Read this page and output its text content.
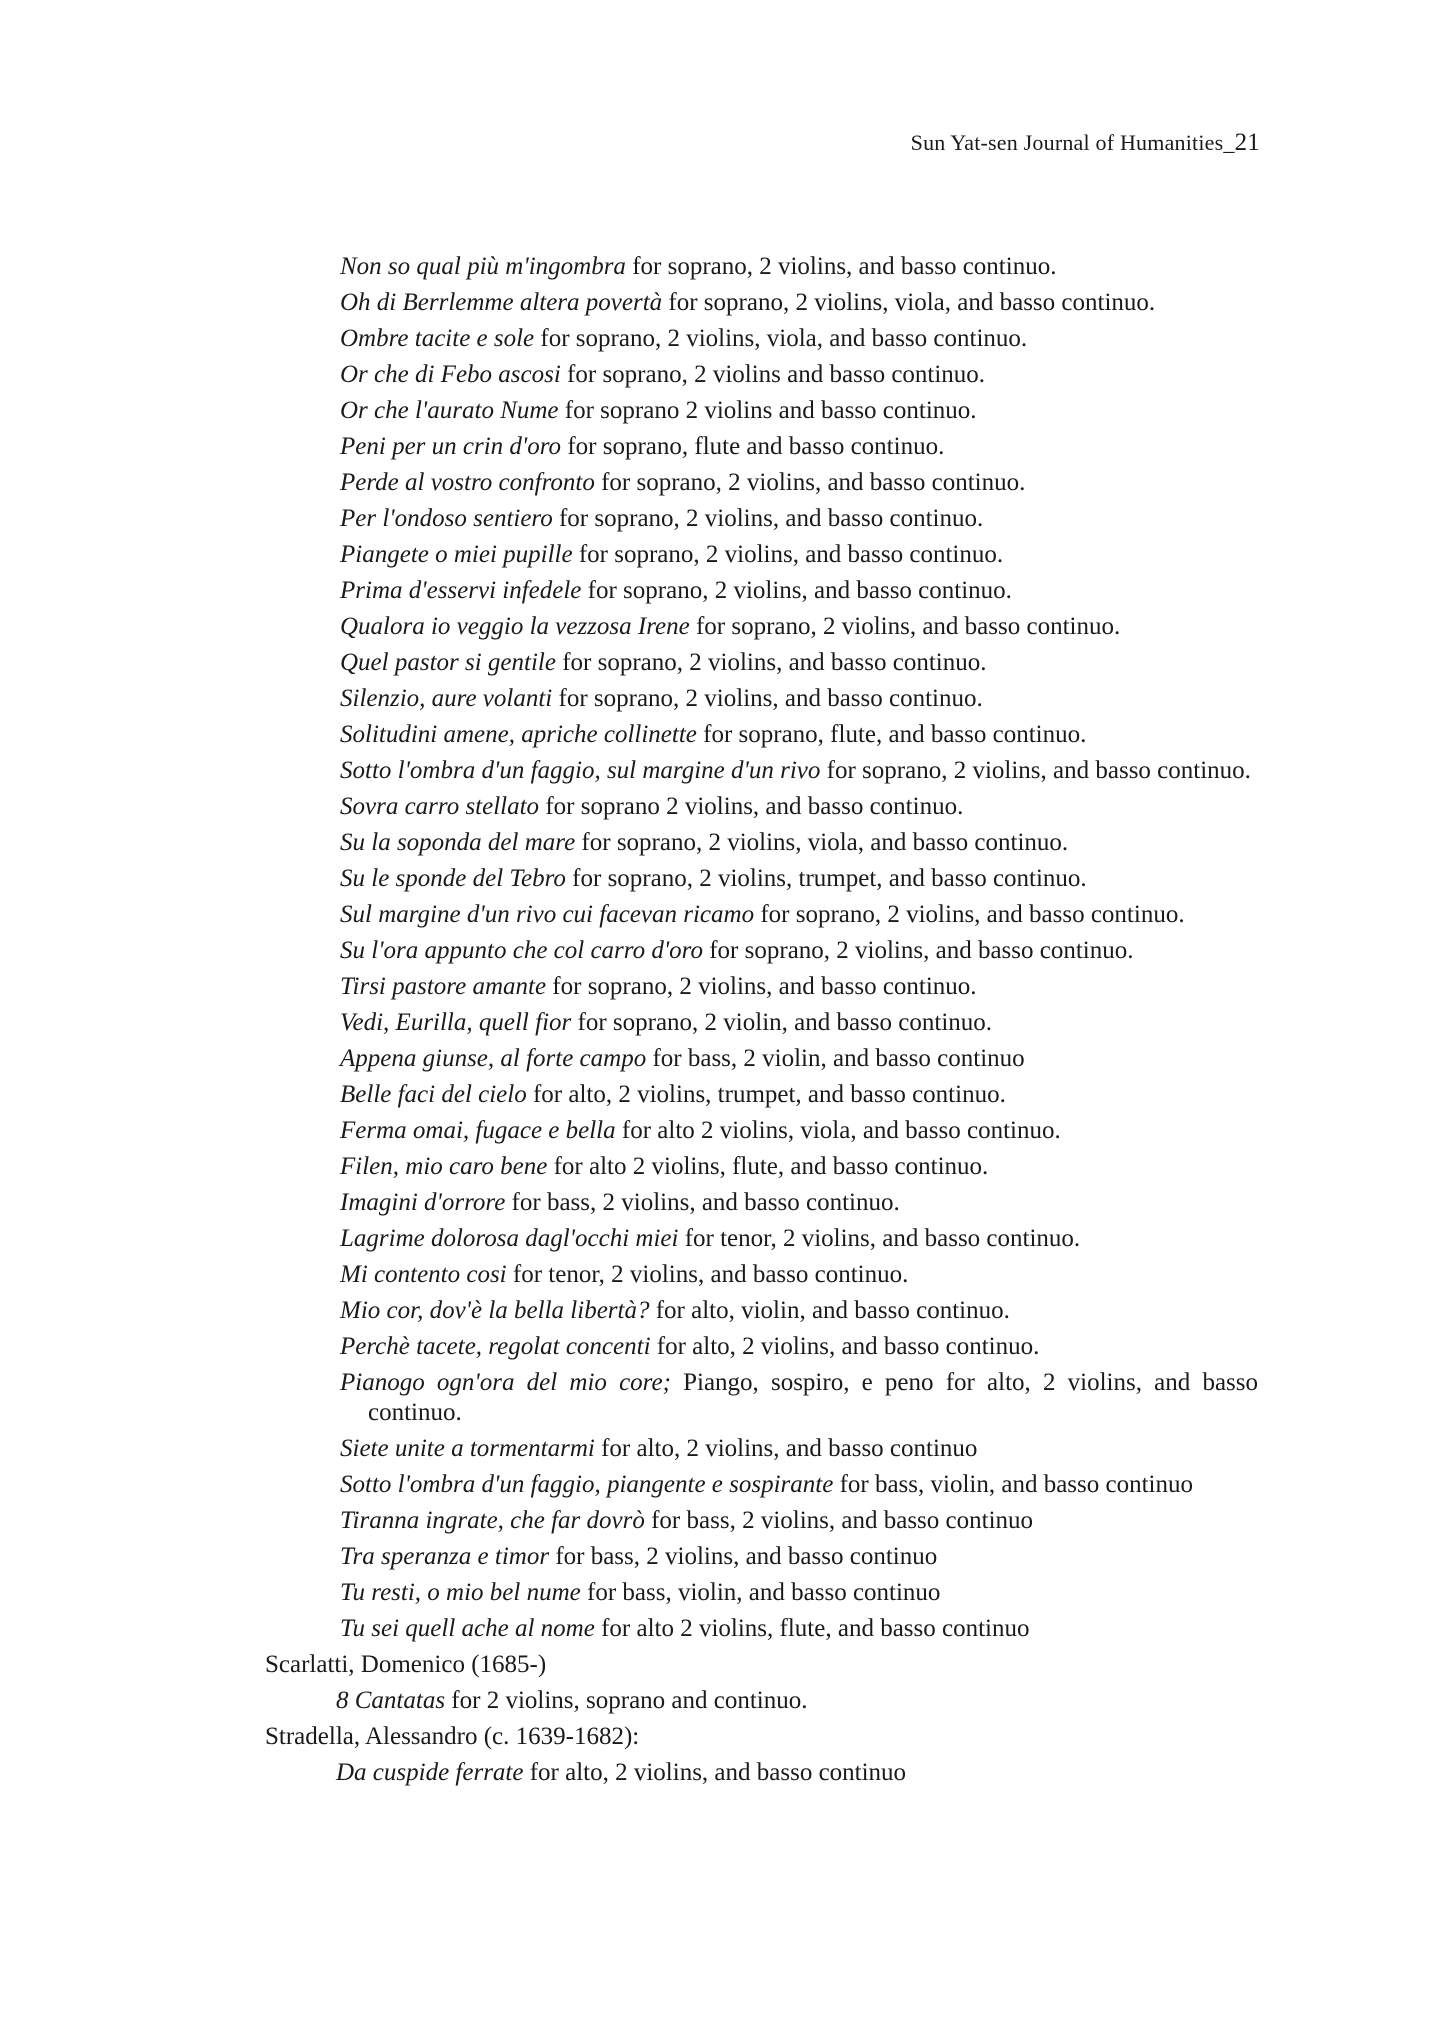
Sun Yat-sen Journal of Humanities_21
Non so qual più m'ingombra for soprano, 2 violins, and basso continuo.
Oh di Berrlemme altera povertà for soprano, 2 violins, viola, and basso continuo.
Ombre tacite e sole for soprano, 2 violins, viola, and basso continuo.
Or che di Febo ascosi for soprano, 2 violins and basso continuo.
Or che l'aurato Nume for soprano 2 violins and basso continuo.
Peni per un crin d'oro for soprano, flute and basso continuo.
Perde al vostro confronto for soprano, 2 violins, and basso continuo.
Per l'ondoso sentiero for soprano, 2 violins, and basso continuo.
Piangete o miei pupille for soprano, 2 violins, and basso continuo.
Prima d'esservi infedele for soprano, 2 violins, and basso continuo.
Qualora io veggio la vezzosa Irene for soprano, 2 violins, and basso continuo.
Quel pastor si gentile for soprano, 2 violins, and basso continuo.
Silenzio, aure volanti for soprano, 2 violins, and basso continuo.
Solitudini amene, apriche collinette for soprano, flute, and basso continuo.
Sotto l'ombra d'un faggio, sul margine d'un rivo for soprano, 2 violins, and basso continuo.
Sovra carro stellato for soprano 2 violins, and basso continuo.
Su la soponda del mare for soprano, 2 violins, viola, and basso continuo.
Su le sponde del Tebro for soprano, 2 violins, trumpet, and basso continuo.
Sul margine d'un rivo cui facevan ricamo for soprano, 2 violins, and basso continuo.
Su l'ora appunto che col carro d'oro for soprano, 2 violins, and basso continuo.
Tirsi pastore amante for soprano, 2 violins, and basso continuo.
Vedi, Eurilla, quell fior for soprano, 2 violin, and basso continuo.
Appena giunse, al forte campo for bass, 2 violin, and basso continuo
Belle faci del cielo for alto, 2 violins, trumpet, and basso continuo.
Ferma omai, fugace e bella for alto 2 violins, viola, and basso continuo.
Filen, mio caro bene for alto 2 violins, flute, and basso continuo.
Imagini d'orrore for bass, 2 violins, and basso continuo.
Lagrime dolorosa dagl'occhi miei for tenor, 2 violins, and basso continuo.
Mi contento cosi for tenor, 2 violins, and basso continuo.
Mio cor, dov'è la bella libertà? for alto, violin, and basso continuo.
Perchè tacete, regolat concenti for alto, 2 violins, and basso continuo.
Pianogo ogn'ora del mio core; Piango, sospiro, e peno for alto, 2 violins, and basso continuo.
Siete unite a tormentarmi for alto, 2 violins, and basso continuo
Sotto l'ombra d'un faggio, piangente e sospirante for bass, violin, and basso continuo
Tiranna ingrate, che far dovrò for bass, 2 violins, and basso continuo
Tra speranza e timor for bass, 2 violins, and basso continuo
Tu resti, o mio bel nume for bass, violin, and basso continuo
Tu sei quell ache al nome for alto 2 violins, flute, and basso continuo
Scarlatti, Domenico (1685-)
8 Cantatas for 2 violins, soprano and continuo.
Stradella, Alessandro (c. 1639-1682):
Da cuspide ferrate for alto, 2 violins, and basso continuo
